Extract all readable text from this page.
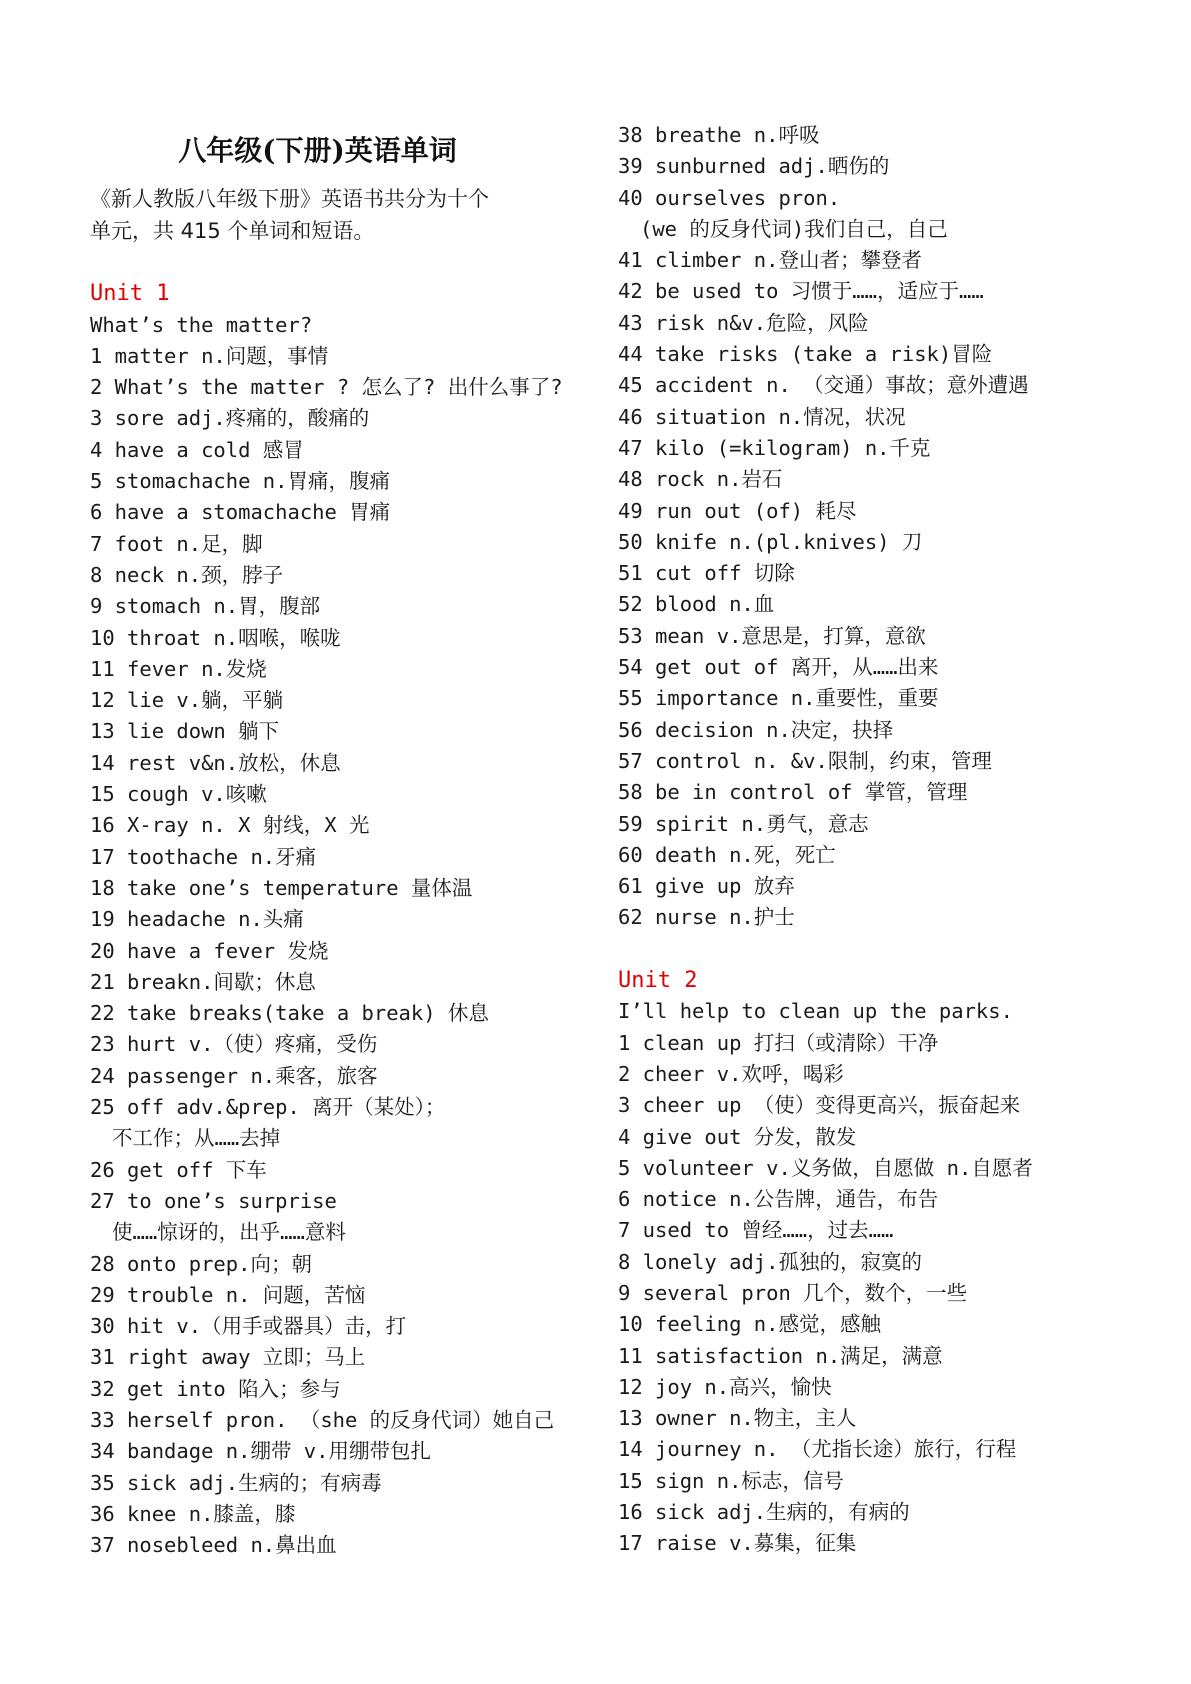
八年级(下册)英语单词
《新人教版八年级下册》英语书共分为十个
单元，共 415 个单词和短语。
Unit 1
What’s the matter?
1 matter n.问题，事情
2 What’s the matter ? 怎么了? 出什么事了?
3 sore adj.疼痛的，酸痛的
4 have a cold 感冒
5 stomachache n.胃痛，腹痛
6 have a stomachache 胃痛
7 foot n.足，脚
8 neck n.颈，脖子
9 stomach n.胃，腹部
10 throat n.咽喉，喉咙
11 fever n.发烧
12 lie v.躺，平躺
13 lie down 躺下
14 rest v&n.放松，休息
15 cough v.咳嗽
16 X-ray n. X 射线，X 光
17 toothache n.牙痛
18 take one’s temperature 量体温
19 headache n.头痛
20 have a fever 发烧
21 breakn.间歇；休息
22 take breaks(take a break) 休息
23 hurt v.（使）疼痛，受伤
24 passenger n.乘客，旅客
25 off adv.&prep. 离开（某处）；
不工作；从……去掉
26 get off 下车
27 to one’s surprise
使……惊讶的，出乎……意料
28 onto prep.向；朝
29 trouble n. 问题，苦恼
30 hit v.（用手或器具）击，打
31 right away 立即；马上
32 get into 陷入；参与
33 herself pron. （she 的反身代词）她自己
34 bandage n.绷带 v.用绷带包扎
35 sick adj.生病的；有病毒
36 knee n.膝盖，膝
37 nosebleed n.鼻出血
38 breathe n.呼吸
39 sunburned adj.晒伤的
40 ourselves pron.
(we 的反身代词)我们自己，自己
41 climber n.登山者；攀登者
42 be used to 习惯于……，适应于……
43 risk n&v.危险，风险
44 take risks (take a risk)冒险
45 accident n. （交通）事故；意外遭遇
46 situation n.情况，状况
47 kilo (=kilogram) n.千克
48 rock n.岩石
49 run out (of) 耗尽
50 knife n.(pl.knives) 刀
51 cut off 切除
52 blood n.血
53 mean v.意思是，打算，意欲
54 get out of 离开，从……出来
55 importance n.重要性，重要
56 decision n.决定，抉择
57 control n. &v.限制，约束，管理
58 be in control of 掌管，管理
59 spirit n.勇气，意志
60 death n.死，死亡
61 give up 放弃
62 nurse n.护士
Unit 2
I’ll help to clean up the parks.
1 clean up 打扫（或清除）干净
2 cheer v.欢呼，喝彩
3 cheer up （使）变得更高兴，振奋起来
4 give out 分发，散发
5 volunteer v.义务做，自愿做 n.自愿者
6 notice n.公告牌，通告，布告
7 used to 曾经……，过去……
8 lonely adj.孤独的，寂寞的
9 several pron 几个，数个，一些
10 feeling n.感觉，感触
11 satisfaction n.满足，满意
12 joy n.高兴，愉快
13 owner n.物主，主人
14 journey n. （尤指长途）旅行，行程
15 sign n.标志，信号
16 sick adj.生病的，有病的
17 raise v.募集，征集
